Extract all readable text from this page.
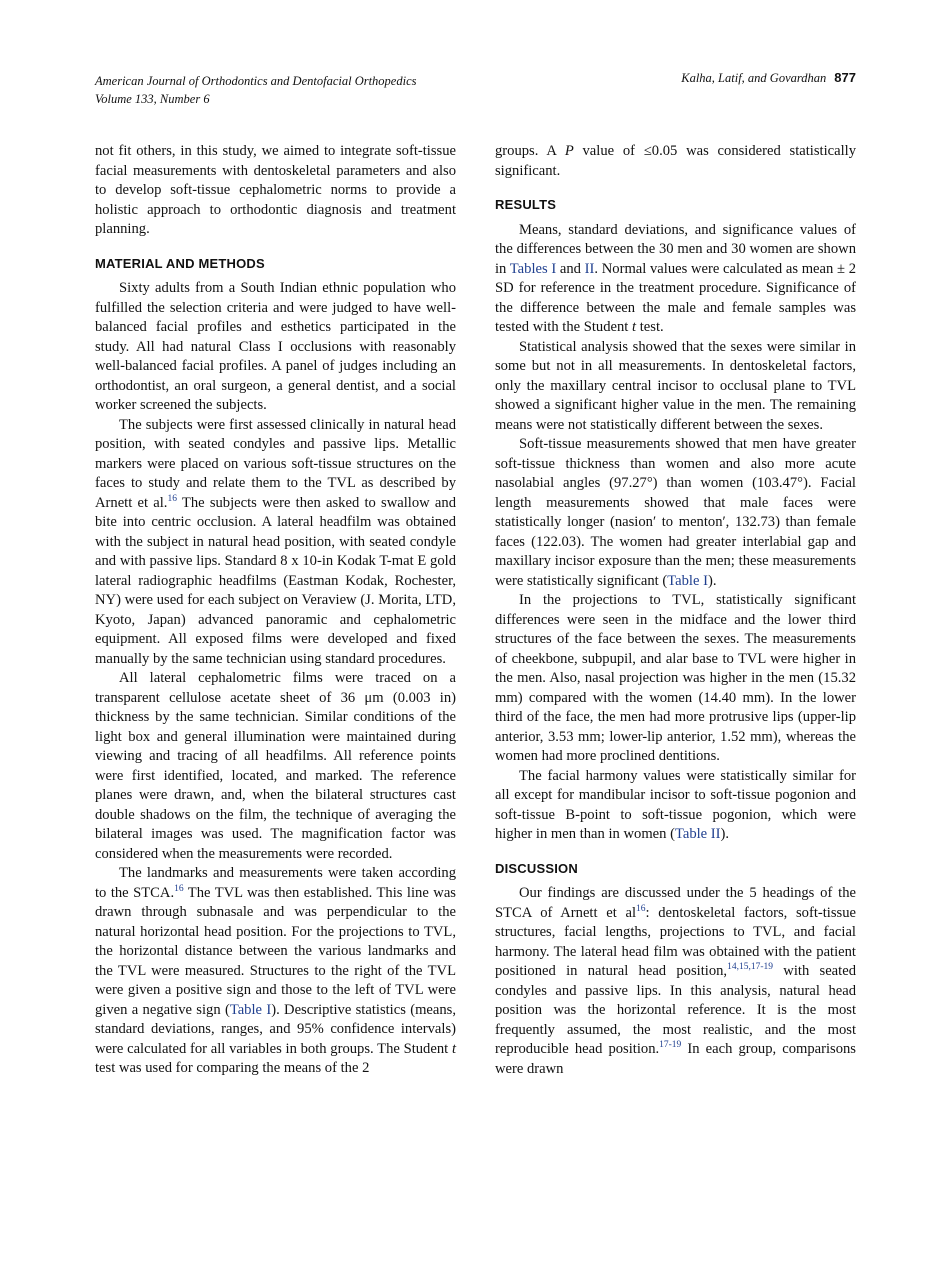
American Journal of Orthodontics and Dentofacial Orthopedics
Volume 133, Number 6
Kalha, Latif, and Govardhan 877

not fit others, in this study, we aimed to integrate soft-tissue facial measurements with dentoskeletal parameters and also to develop soft-tissue cephalometric norms to provide a holistic approach to orthodontic diagnosis and treatment planning.

MATERIAL AND METHODS

Sixty adults from a South Indian ethnic population who fulfilled the selection criteria and were judged to have well-balanced facial profiles and esthetics participated in the study. All had natural Class I occlusions with reasonably well-balanced facial profiles. A panel of judges including an orthodontist, an oral surgeon, a general dentist, and a social worker screened the subjects.

The subjects were first assessed clinically in natural head position, with seated condyles and passive lips. Metallic markers were placed on various soft-tissue structures on the faces to study and relate them to the TVL as described by Arnett et al.$^{16}$ The subjects were then asked to swallow and bite into centric occlusion. A lateral headfilm was obtained with the subject in natural head position, with seated condyle and with passive lips. Standard 8 x 10-in Kodak T-mat E gold lateral radiographic headfilms (Eastman Kodak, Rochester, NY) were used for each subject on Veraview (J. Morita, LTD, Kyoto, Japan) advanced panoramic and cephalometric equipment. All exposed films were developed and fixed manually by the same technician using standard procedures.

All lateral cephalometric films were traced on a transparent cellulose acetate sheet of 36 μm (0.003 in) thickness by the same technician. Similar conditions of the light box and general illumination were maintained during viewing and tracing of all headfilms. All reference points were first identified, located, and marked. The reference planes were drawn, and, when the bilateral structures cast double shadows on the film, the technique of averaging the bilateral images was used. The magnification factor was considered when the measurements were recorded.

The landmarks and measurements were taken according to the STCA.$^{16}$ The TVL was then established. This line was drawn through subnasale and was perpendicular to the natural horizontal head position. For the projections to TVL, the horizontal distance between the various landmarks and the TVL were measured. Structures to the right of the TVL were given a positive sign and those to the left of TVL were given a negative sign (Table I). Descriptive statistics (means, standard deviations, ranges, and 95% confidence intervals) were calculated for all variables in both groups. The Student t test was used for comparing the means of the 2

groups. A P value of ≤0.05 was considered statistically significant.

RESULTS

Means, standard deviations, and significance values of the differences between the 30 men and 30 women are shown in Tables I and II. Normal values were calculated as mean ± 2 SD for reference in the treatment procedure. Significance of the difference between the male and female samples was tested with the Student t test.

Statistical analysis showed that the sexes were similar in some but not in all measurements. In dentoskeletal factors, only the maxillary central incisor to occlusal plane to TVL showed a significant higher value in the men. The remaining means were not statistically different between the sexes.

Soft-tissue measurements showed that men have greater soft-tissue thickness than women and also more acute nasolabial angles (97.27°) than women (103.47°). Facial length measurements showed that male faces were statistically longer (nasion′ to menton′, 132.73) than female faces (122.03). The women had greater interlabial gap and maxillary incisor exposure than the men; these measurements were statistically significant (Table I).

In the projections to TVL, statistically significant differences were seen in the midface and the lower third structures of the face between the sexes. The measurements of cheekbone, subpupil, and alar base to TVL were higher in the men. Also, nasal projection was higher in the men (15.32 mm) compared with the women (14.40 mm). In the lower third of the face, the men had more protrusive lips (upper-lip anterior, 3.53 mm; lower-lip anterior, 1.52 mm), whereas the women had more proclined dentitions.

The facial harmony values were statistically similar for all except for mandibular incisor to soft-tissue pogonion and soft-tissue B-point to soft-tissue pogonion, which were higher in men than in women (Table II).

DISCUSSION

Our findings are discussed under the 5 headings of the STCA of Arnett et al$^{16}$: dentoskeletal factors, soft-tissue structures, facial lengths, projections to TVL, and facial harmony. The lateral head film was obtained with the patient positioned in natural head position,$^{14,15,17-19}$ with seated condyles and passive lips. In this analysis, natural head position was the horizontal reference. It is the most frequently assumed, the most realistic, and the most reproducible head position.$^{17-19}$ In each group, comparisons were drawn
